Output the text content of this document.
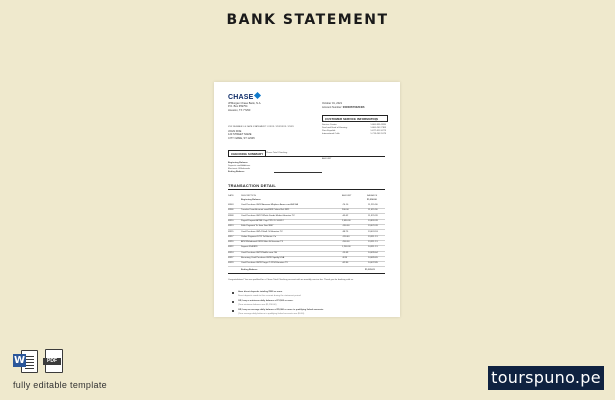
BANK STATEMENT
CHASE
JPMorgan Chase Bank, N.A.
P.O. Box 659754
Houston, TX 77290
October 01, 2021
Account Number: 000000576320406
XXX NUMBER 0 0 DATE STATEMENT 1 XXXX / XXXXXXX / XXXX
JOHN DOE
123 STREET NAME
CITY NAME, ST 12345
CUSTOMER SERVICE INFORMATION
Web site:	Chase.com
Service Center:	1-800-935-9935
Deaf and Hard of Hearing:	1-800-242-7383
Para Español:	1-877-312-4273
International Calls:	1-713-262-1679
CHECKING SUMMARY	Chase Total Checking
AMOUNT
Beginning Balance
Deposits and Additions
Electronic Withdrawals
Ending Balance
TRANSACTION DETAIL
DATE	DESCRIPTION	AMOUNT	BALANCE
Beginning Balance	$1,290.00
09/03	Card Purchase 09/02 Amazon Mktplace Amzn.com/Bill WA	-74.10	11,215.90
09/06	Transfer From Account xxxx4908 Online Ref 4821	200.00	11,415.90
09/08	Card Purchase 09/07 Whole Foods Market Houston TX	-45.62	11,370.28
09/10	Payroll Deposit ACME Corp PPD ID 100012	2,450.00	13,820.28
09/13	Zelle Payment To Jane Doe 9847	-150.00	13,670.28
09/15	Card Purchase 09/14 Shell Oil Houston TX	-38.75	13,631.53
09/17	Online Payment 5721 To Electric Co	-120.40	13,511.13
09/20	ATM Withdrawal 09/20 Main St Houston TX	-200.00	13,311.13
09/22	Deposit 5540891	1,200.00	14,511.13
09/24	Card Purchase 09/23 Netflix.com CA	-15.49	14,495.64
09/27	Recurring Card Purchase 09/26 Spotify USA	-9.99	14,485.65
09/29	Card Purchase 09/28 Target T-1234 Houston TX	-62.80	14,422.85
Ending Balance	$1,329.23
Congratulations! You are qualified for a Chase Total Checking account with no monthly service fee. Thank you for banking with us.
Have direct deposits totaling $500 or more.
Direct deposits made to this account during the statement period.
OR, keep a minimum daily balance of $1,500 or more.
(Your minimum balance was $1,290.00)
OR, keep an average daily balance of $5,000 or more in qualifying linked accounts.
(Your average daily balance in qualifying linked accounts was $0.00)
W	PDF
fully editable template	tourspuno.pe
